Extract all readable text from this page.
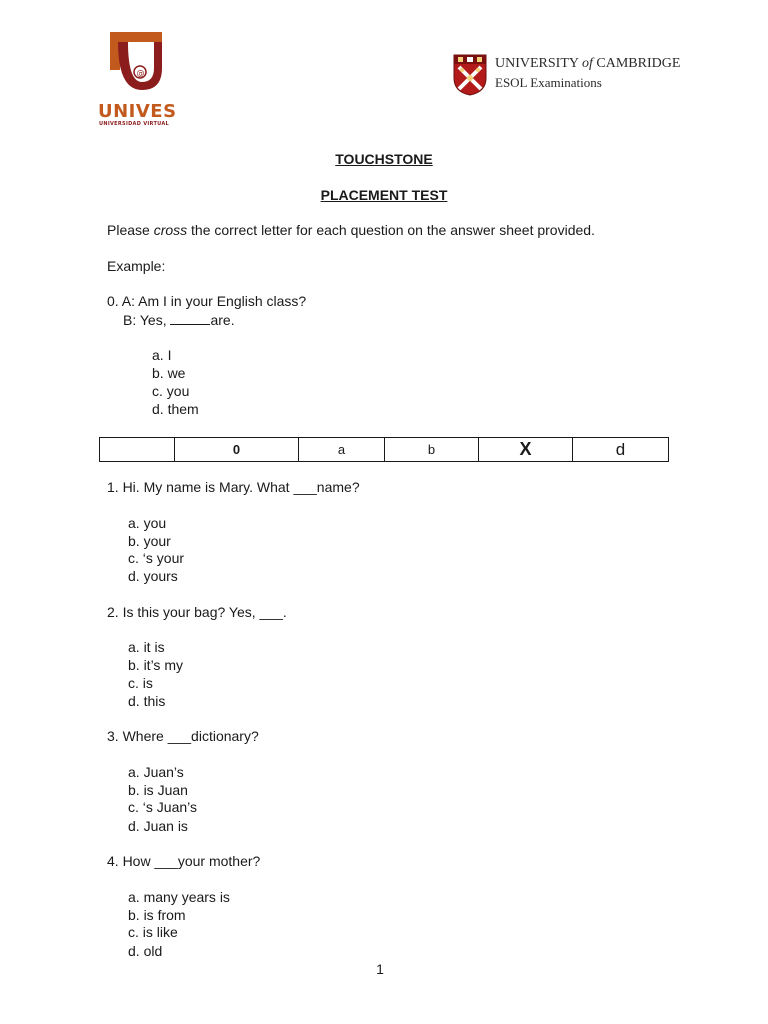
@
UNIVES
UNIVERSIDAD VIRTUAL
UNIVERSITY of CAMBRIDGE
ESOL Examinations
TOUCHSTONE
PLACEMENT TEST
Please cross the correct letter for each question on the answer sheet provided.
Example:
0. A: Am I in your English class?
B: Yes,	are.
a. I
b. we
c. you
d. them
	0	a	b	X	d
1. Hi. My name is Mary. What ___name?
a. you
b. your
c. ‘s your
d. yours
2. Is this your bag? Yes, ___.
a. it is
b. it’s my
c. is
d. this
3. Where ___dictionary?
a. Juan’s
b. is Juan
c. ‘s Juan’s
d. Juan is
4. How ___your mother?
a. many years is
b. is from
c. is like
d. old
1
